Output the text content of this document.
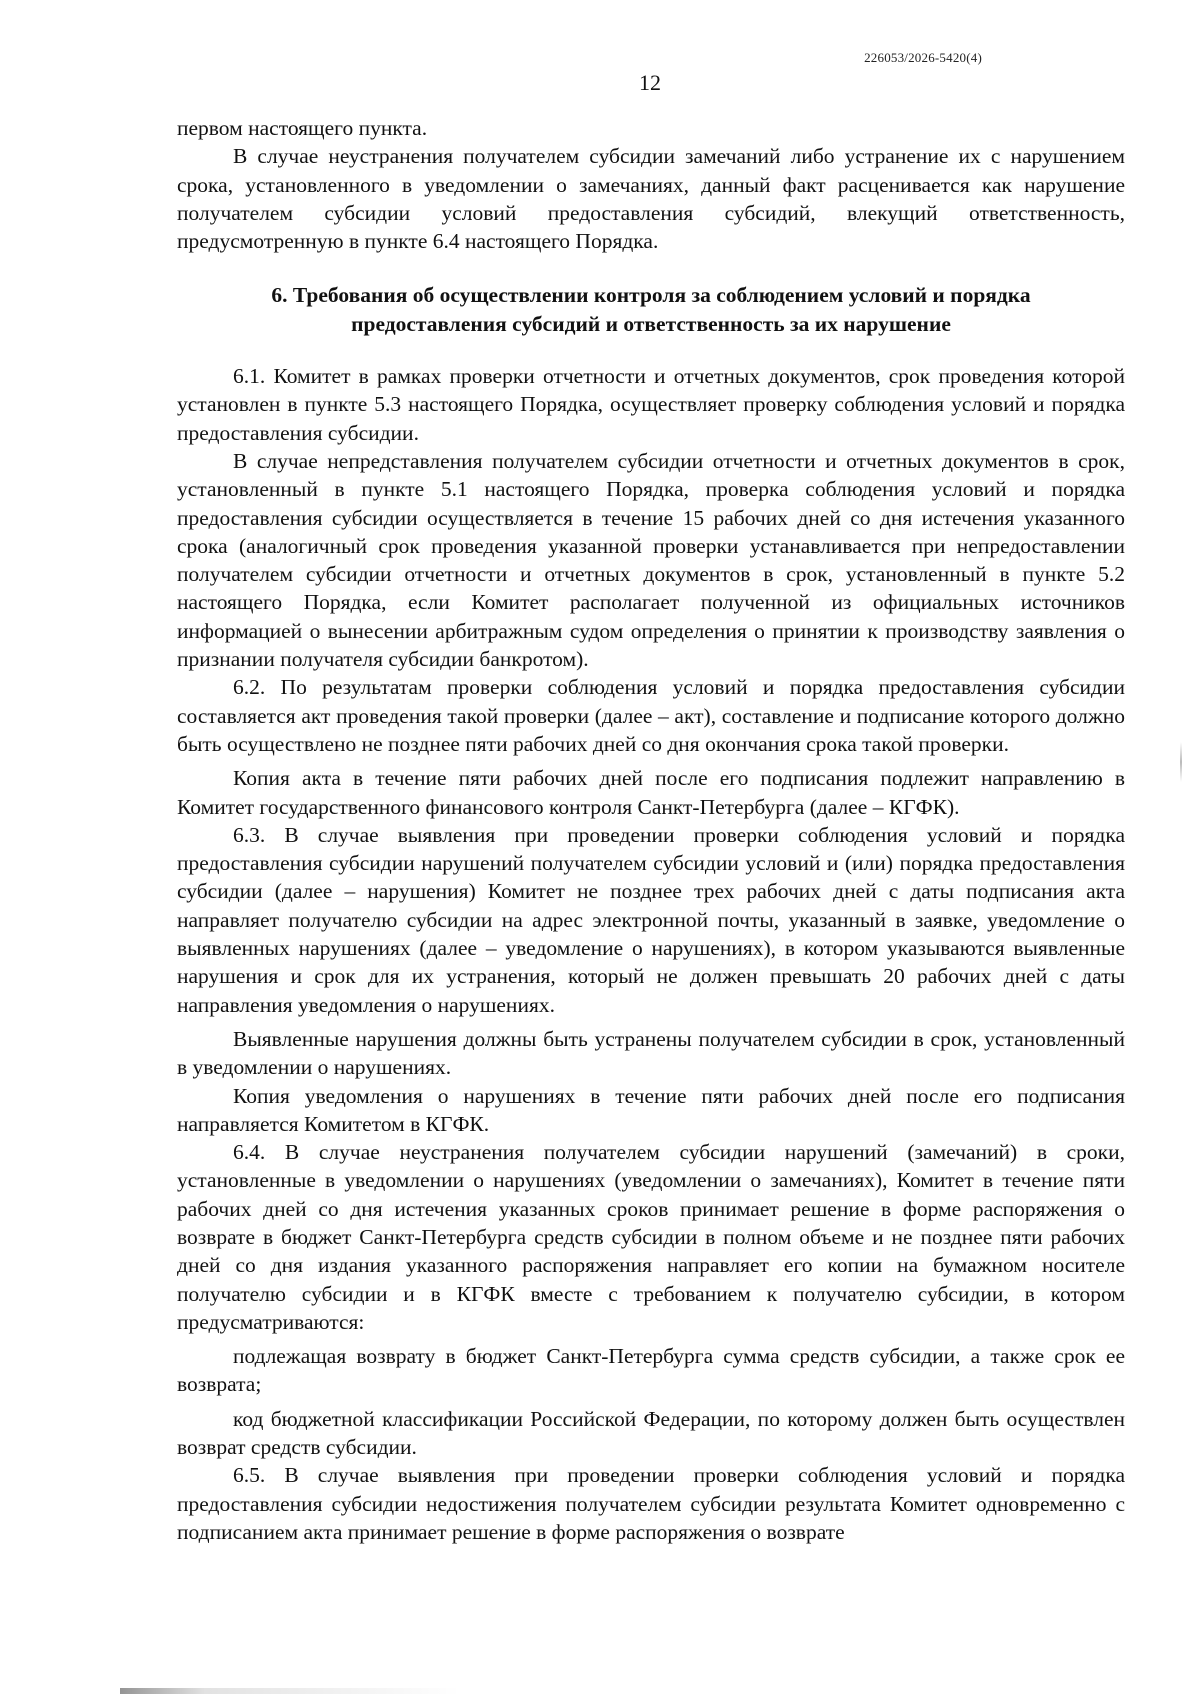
226053/2026-5420(4)
12

первом настоящего пункта.

В случае неустранения получателем субсидии замечаний либо устранение их с нарушением срока, установленного в уведомлении о замечаниях, данный факт расценивается как нарушение получателем субсидии условий предоставления субсидий, влекущий ответственность, предусмотренную в пункте 6.4 настоящего Порядка.

6. Требования об осуществлении контроля за соблюдением условий и порядка предоставления субсидий и ответственность за их нарушение

6.1. Комитет в рамках проверки отчетности и отчетных документов, срок проведения которой установлен в пункте 5.3 настоящего Порядка, осуществляет проверку соблюдения условий и порядка предоставления субсидии.

В случае непредставления получателем субсидии отчетности и отчетных документов в срок, установленный в пункте 5.1 настоящего Порядка, проверка соблюдения условий и порядка предоставления субсидии осуществляется в течение 15 рабочих дней со дня истечения указанного срока (аналогичный срок проведения указанной проверки устанавливается при непредоставлении получателем субсидии отчетности и отчетных документов в срок, установленный в пункте 5.2 настоящего Порядка, если Комитет располагает полученной из официальных источников информацией о вынесении арбитражным судом определения о принятии к производству заявления о признании получателя субсидии банкротом).

6.2. По результатам проверки соблюдения условий и порядка предоставления субсидии составляется акт проведения такой проверки (далее – акт), составление и подписание которого должно быть осуществлено не позднее пяти рабочих дней со дня окончания срока такой проверки.

Копия акта в течение пяти рабочих дней после его подписания подлежит направлению в Комитет государственного финансового контроля Санкт-Петербурга (далее – КГФК).

6.3. В случае выявления при проведении проверки соблюдения условий и порядка предоставления субсидии нарушений получателем субсидии условий и (или) порядка предоставления субсидии (далее – нарушения) Комитет не позднее трех рабочих дней с даты подписания акта направляет получателю субсидии на адрес электронной почты, указанный в заявке, уведомление о выявленных нарушениях (далее – уведомление о нарушениях), в котором указываются выявленные нарушения и срок для их устранения, который не должен превышать 20 рабочих дней с даты направления уведомления о нарушениях.

Выявленные нарушения должны быть устранены получателем субсидии в срок, установленный в уведомлении о нарушениях.

Копия уведомления о нарушениях в течение пяти рабочих дней после его подписания направляется Комитетом в КГФК.

6.4. В случае неустранения получателем субсидии нарушений (замечаний) в сроки, установленные в уведомлении о нарушениях (уведомлении о замечаниях), Комитет в течение пяти рабочих дней со дня истечения указанных сроков принимает решение в форме распоряжения о возврате в бюджет Санкт-Петербурга средств субсидии в полном объеме и не позднее пяти рабочих дней со дня издания указанного распоряжения направляет его копии на бумажном носителе получателю субсидии и в КГФК вместе с требованием к получателю субсидии, в котором предусматриваются:

подлежащая возврату в бюджет Санкт-Петербурга сумма средств субсидии, а также срок ее возврата;

код бюджетной классификации Российской Федерации, по которому должен быть осуществлен возврат средств субсидии.

6.5. В случае выявления при проведении проверки соблюдения условий и порядка предоставления субсидии недостижения получателем субсидии результата Комитет одновременно с подписанием акта принимает решение в форме распоряжения о возврате
